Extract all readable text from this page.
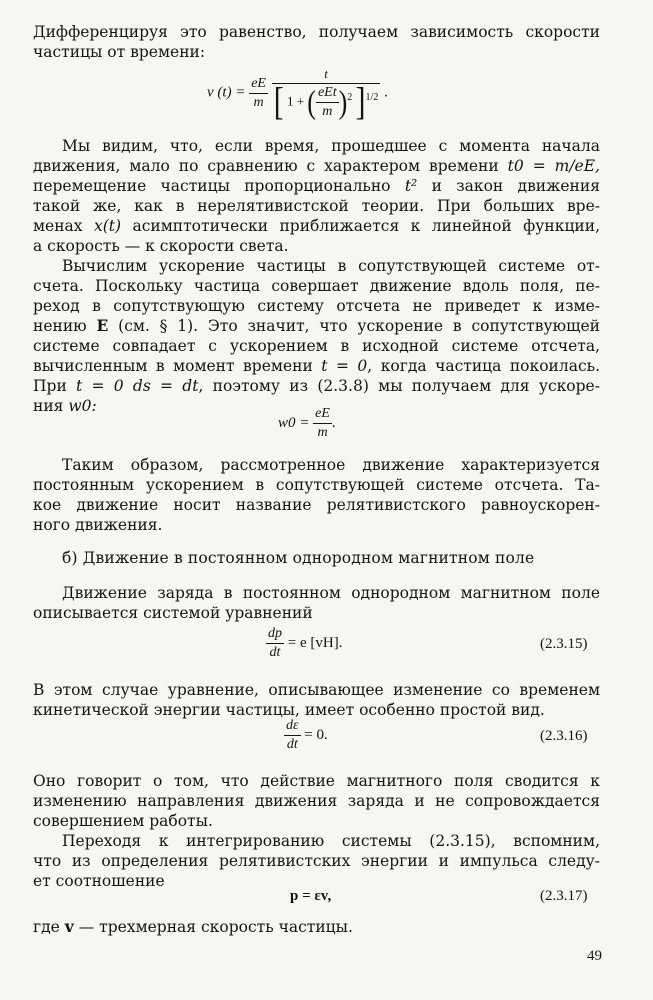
Дифференцируя это равенство, получаем зависимость скорости
частицы от времени:
v $(t) = \frac{eE}{m}$
$\frac{t}{[ 1 + ( \frac{\text{eEt}}{m} )^2 ]^{1/2}}$ .
Мы видим, что, если время, прошедшее с момента начала
движения, мало по сравнению с характером времени t0 = m/eE,
перемещение частицы пропорционально t² и закон движения
такой же, как в нерелятивистской теории. При больших вре-
менах x(t) асимптотически приближается к линейной функции,
а скорость — к скорости света.
Вычислим ускорение частицы в сопутствующей системе от-
счета. Поскольку частица совершает движение вдоль поля, пе-
реход в сопутствующую систему отсчета не приведет к изме-
нению E (см. § 1). Это значит, что ускорение в сопутствующей
системе совпадает с ускорением в исходной системе отсчета,
вычисленным в момент времени t = 0, когда частица покоилась.
При t = 0 ds = dt, поэтому из (2.3.8) мы получаем для ускоре-
ния w0:
$w0 = \frac{eE}{m}$ .
Таким образом, рассмотренное движение характеризуется
постоянным ускорением в сопутствующей системе отсчета. Та-
кое движение носит название релятивистского равноускорен-
ного движения.
б) Движение в постоянном однородном магнитном поле
Движение заряда в постоянном однородном магнитном поле
описывается системой уравнений
$\frac{dp}{dt} = e$ [vH].	(2.3.15)
В этом случае уравнение, описывающее изменение со временем
кинетической энергии частицы, имеет особенно простой вид.
$\frac{d\varepsilon}{dt} = 0$.	(2.3.16)
Оно говорит о том, что действие магнитного поля сводится к
изменению направления движения заряда и не сопровождается
совершением работы.
Переходя к интегрированию системы (2.3.15), вспомним,
что из определения релятивистских энергии и импульса следу-
ет соотношение
p = εv,	(2.3.17)
где v — трехмерная скорость частицы.
49
